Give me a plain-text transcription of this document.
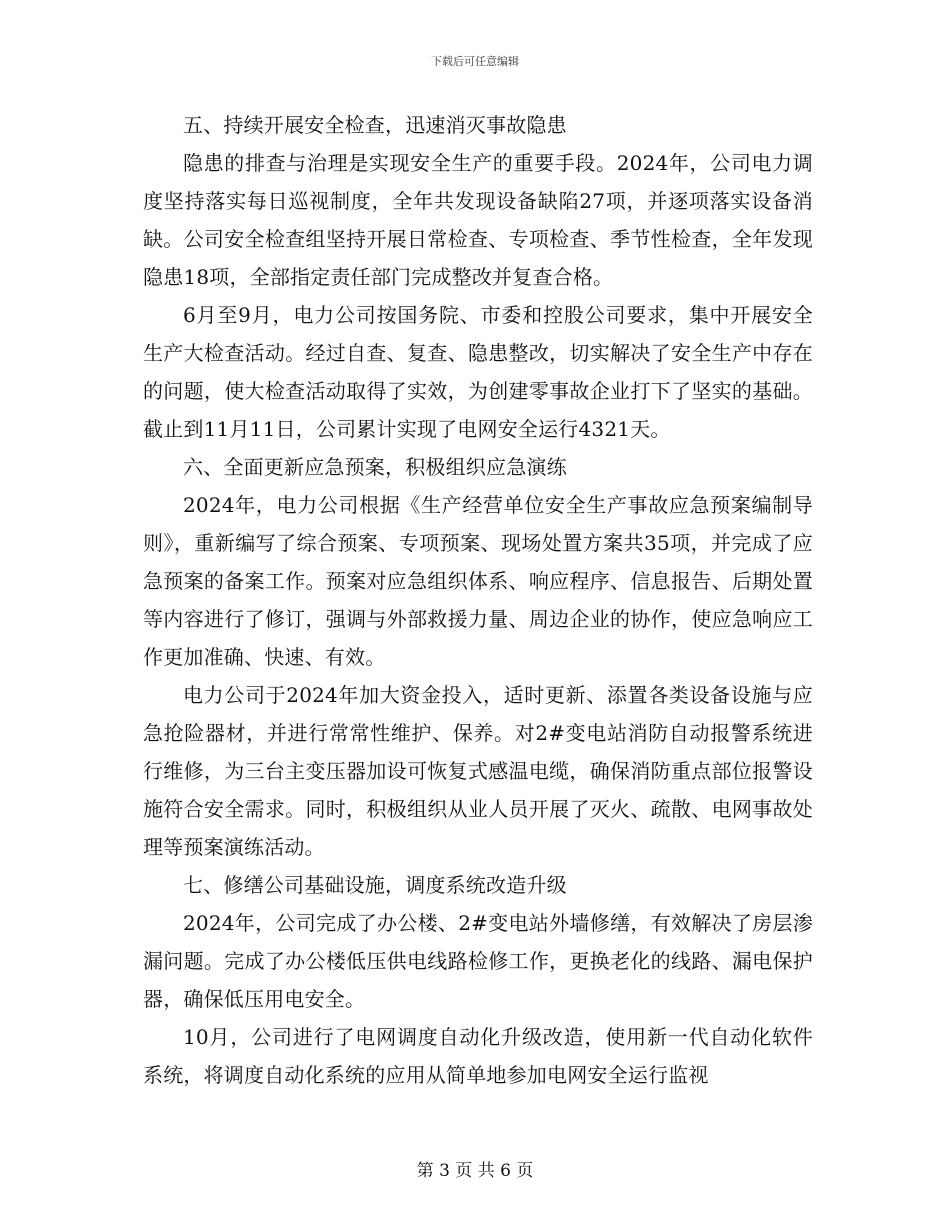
下载后可任意编辑

五、持续开展安全检查，迅速消灭事故隐患

隐患的排查与治理是实现安全生产的重要手段。2024年，公司电力调度坚持落实每日巡视制度，全年共发现设备缺陷27项，并逐项落实设备消缺。公司安全检查组坚持开展日常检查、专项检查、季节性检查，全年发现隐患18项，全部指定责任部门完成整改并复查合格。

6月至9月，电力公司按国务院、市委和控股公司要求，集中开展安全生产大检查活动。经过自查、复查、隐患整改，切实解决了安全生产中存在的问题，使大检查活动取得了实效，为创建零事故企业打下了坚实的基础。截止到11月11日，公司累计实现了电网安全运行4321天。

六、全面更新应急预案，积极组织应急演练

2024年，电力公司根据《生产经营单位安全生产事故应急预案编制导则》，重新编写了综合预案、专项预案、现场处置方案共35项，并完成了应急预案的备案工作。预案对应急组织体系、响应程序、信息报告、后期处置等内容进行了修订，强调与外部救援力量、周边企业的协作，使应急响应工作更加准确、快速、有效。

电力公司于2024年加大资金投入，适时更新、添置各类设备设施与应急抢险器材，并进行常常性维护、保养。对2#变电站消防自动报警系统进行维修，为三台主变压器加设可恢复式感温电缆，确保消防重点部位报警设施符合安全需求。同时，积极组织从业人员开展了灭火、疏散、电网事故处理等预案演练活动。

七、修缮公司基础设施，调度系统改造升级

2024年，公司完成了办公楼、2#变电站外墙修缮，有效解决了房层渗漏问题。完成了办公楼低压供电线路检修工作，更换老化的线路、漏电保护器，确保低压用电安全。

10月，公司进行了电网调度自动化升级改造，使用新一代自动化软件系统，将调度自动化系统的应用从简单地参加电网安全运行监视

第 3 页 共 6 页
